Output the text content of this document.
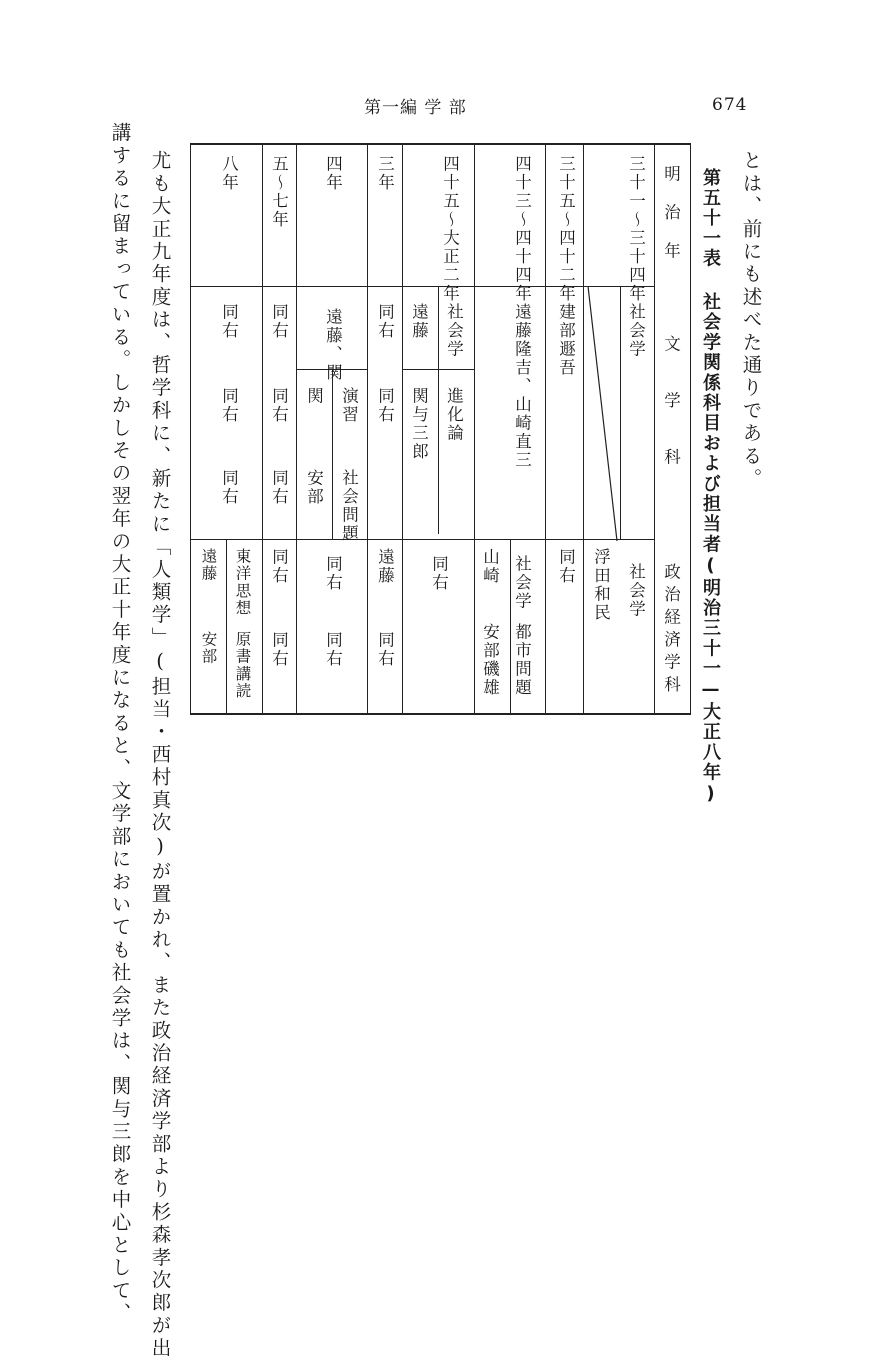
第一編 学 部	674
とは、前にも述べた通りである。
第五十一表 社会学関係科目および担当者(明治三十一—大正八年)
明治年
文学科
政治経済学科
三十一〜三十四年
社会学
社会学
浮田和民
三十五〜四十二年
建部遯吾
同右
四十三〜四十四年
遠藤隆吉、山崎直三
社会学
都市問題
山崎
安部磯雄
四十五〜大正二年
社会学
進化論
遠藤
関与三郎
同右
三年
同右
同右
遠藤
同右
四年
遠藤、関
演習
社会問題
関
安部
同右
同右
五〜七年
同右
同右
同右
同右
同右
八年
同右
同右
同右
東洋思想
原書講読
遠藤
安部
尤も大正九年度は、哲学科に、新たに「人類学」(担当・西村真次)が置かれ、また政治経済学部より杉森孝次郎が出
講するに留まっている。しかしその翌年の大正十年度になると、文学部においても社会学は、関与三郎を中心として、
